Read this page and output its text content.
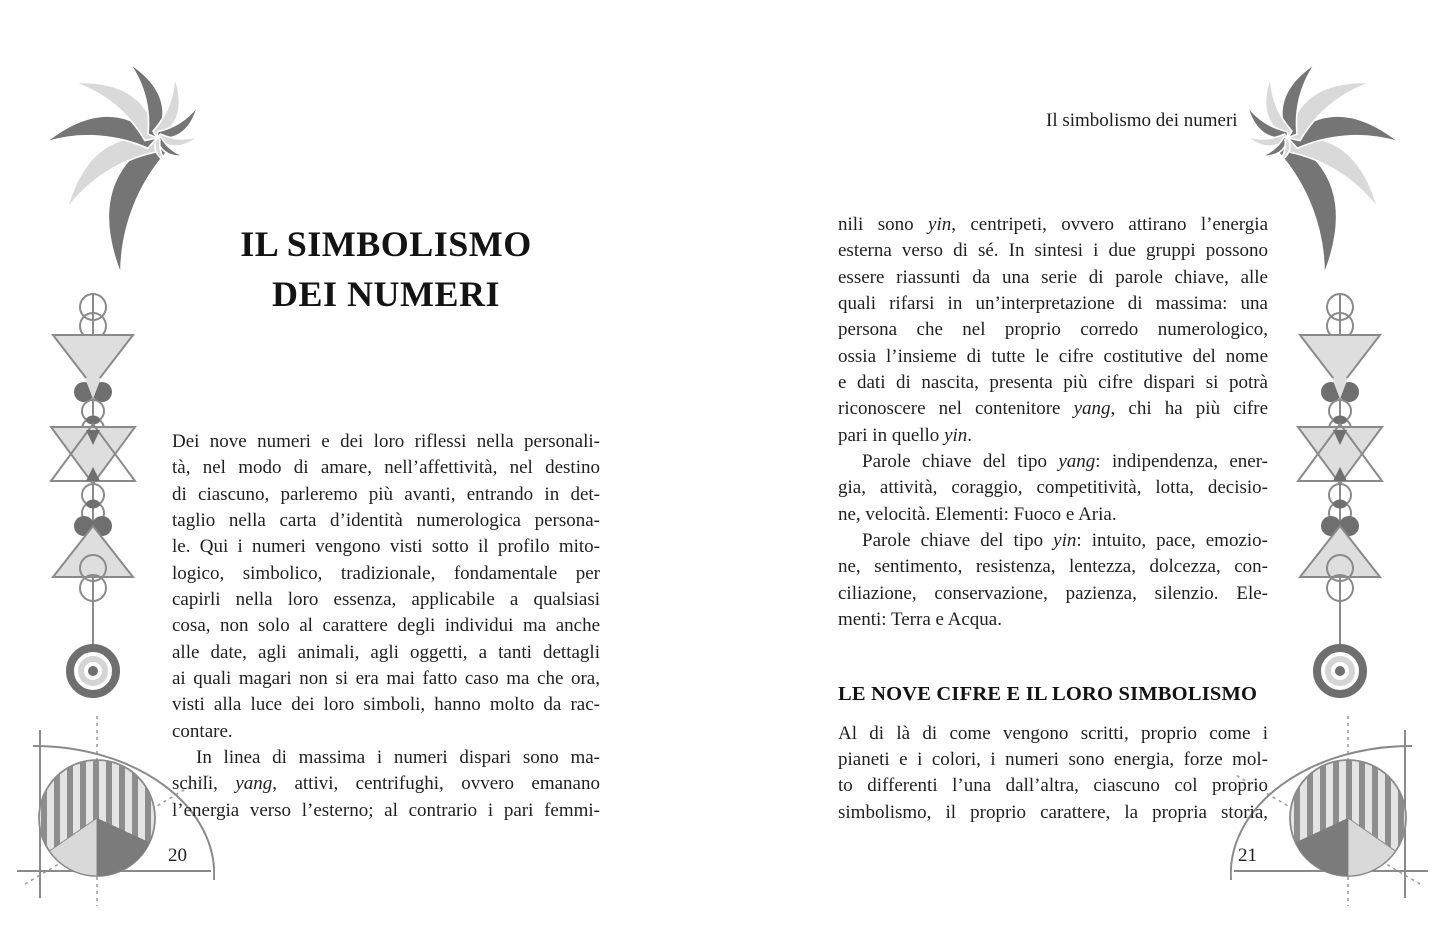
IL SIMBOLISMO
DEI NUMERI
Dei nove numeri e dei loro riflessi nella personali-
tà, nel modo di amare, nell’affettività, nel destino
di ciascuno, parleremo più avanti, entrando in det-
taglio nella carta d’identità numerologica persona-
le. Qui i numeri vengono visti sotto il profilo mito-
logico, simbolico, tradizionale, fondamentale per
capirli nella loro essenza, applicabile a qualsiasi
cosa, non solo al carattere degli individui ma anche
alle date, agli animali, agli oggetti, a tanti dettagli
ai quali magari non si era mai fatto caso ma che ora,
visti alla luce dei loro simboli, hanno molto da rac-
contare.
In linea di massima i numeri dispari sono ma-
schili, yang, attivi, centrifughi, ovvero emanano
l’energia verso l’esterno; al contrario i pari femmi-
20
Il simbolismo dei numeri
nili sono yin, centripeti, ovvero attirano l’energia
esterna verso di sé. In sintesi i due gruppi possono
essere riassunti da una serie di parole chiave, alle
quali rifarsi in un’interpretazione di massima: una
persona che nel proprio corredo numerologico,
ossia l’insieme di tutte le cifre costitutive del nome
e dati di nascita, presenta più cifre dispari si potrà
riconoscere nel contenitore yang, chi ha più cifre
pari in quello yin.
Parole chiave del tipo yang: indipendenza, ener-
gia, attività, coraggio, competitività, lotta, decisio-
ne, velocità. Elementi: Fuoco e Aria.
Parole chiave del tipo yin: intuito, pace, emozio-
ne, sentimento, resistenza, lentezza, dolcezza, con-
ciliazione, conservazione, pazienza, silenzio. Ele-
menti: Terra e Acqua.
LE NOVE CIFRE E IL LORO SIMBOLISMO
Al di là di come vengono scritti, proprio come i
pianeti e i colori, i numeri sono energia, forze mol-
to differenti l’una dall’altra, ciascuno col proprio
simbolismo, il proprio carattere, la propria storia,
21
